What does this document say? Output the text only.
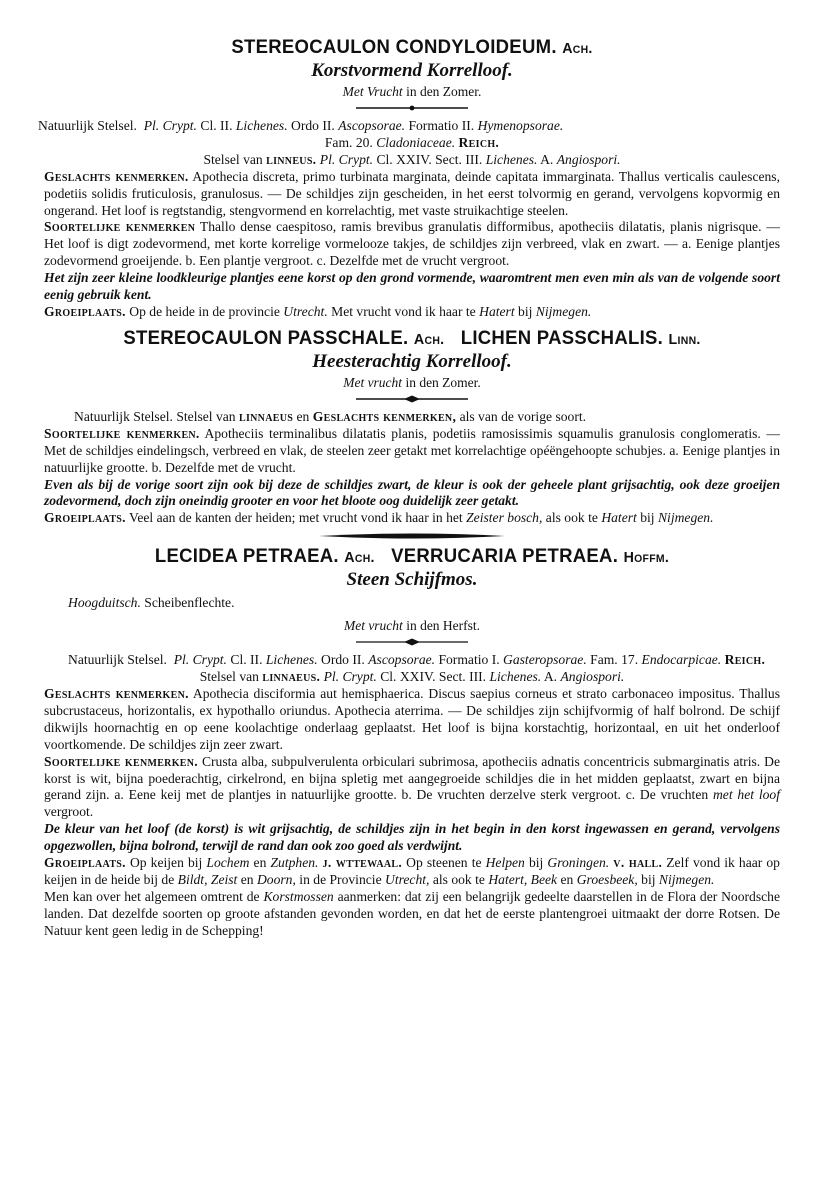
STEREOCAULON CONDYLOIDEUM. Ach.

Korstvormend Korrelloof.

Met Vrucht in den Zomer.

Natuurlijk Stelsel. Pl. Crypt. Cl. II. Lichenes. Ordo II. Ascopsorae. Formatio II. Hymenopsorae.

Fam. 20. Cladoniaceae. Reich.

Stelsel van linneus. Pl. Crypt. Cl. XXIV. Sect. III. Lichenes. A. Angiospori.

Geslachts kenmerken. Apothecia discreta, primo turbinata marginata, deinde capitata immarginata. Thallus verticalis caulescens, podetiis solidis fruticulosis, granulosus. — De schildjes zijn gescheiden, in het eerst tolvormig en gerand, vervolgens kopvormig en ongerand. Het loof is regtstandig, stengvormend en korrelachtig, met vaste struikachtige steelen.

Soortelijke kenmerken Thallo dense caespitoso, ramis brevibus granulatis difformibus, apotheciis dilatatis, planis nigrisque. — Het loof is digt zodevormend, met korte korrelige vormelooze takjes, de schildjes zijn verbreed, vlak en zwart. — a. Eenige plantjes zodevormend groeijende. b. Een plantje vergroot. c. Dezelfde met de vrucht vergroot.

Het zijn zeer kleine loodkleurige plantjes eene korst op den grond vormende, waaromtrent men even min als van de volgende soort eenig gebruik kent.

Groeiplaats. Op de heide in de provincie Utrecht. Met vrucht vond ik haar te Hatert bij Nijmegen.

STEREOCAULON PASSCHALE. Ach. LICHEN PASSCHALIS. Linn.

Heesterachtig Korrelloof.

Met vrucht in den Zomer.

Natuurlijk Stelsel. Stelsel van linnaeus en Geslachts kenmerken, als van de vorige soort.

Soortelijke kenmerken. Apotheciis terminalibus dilatatis planis, podetiis ramosissimis squamulis granulosis conglomeratis. — Met de schildjes eindelingsch, verbreed en vlak, de steelen zeer getakt met korrelachtige opéëngehoopte schubjes. a. Eenige plantjes in natuurlijke grootte. b. Dezelfde met de vrucht.

Even als bij de vorige soort zijn ook bij deze de schildjes zwart, de kleur is ook der geheele plant grijsachtig, ook deze groeijen zodevormend, doch zijn oneindig grooter en voor het bloote oog duidelijk zeer getakt.

Groeiplaats. Veel aan de kanten der heiden; met vrucht vond ik haar in het Zeister bosch, als ook te Hatert bij Nijmegen.

LECIDEA PETRAEA. Ach. VERRUCARIA PETRAEA. Hoffm.

Steen Schijfmos.

Hoogduitsch. Scheibenflechte.

Met vrucht in den Herfst.

Natuurlijk Stelsel. Pl. Crypt. Cl. II. Lichenes. Ordo II. Ascopsorae. Formatio I. Gasteropsorae. Fam. 17. Endocarpicae. Reich.

Stelsel van linnaeus. Pl. Crypt. Cl. XXIV. Sect. III. Lichenes. A. Angiospori.

Geslachts kenmerken. Apothecia disciformia aut hemisphaerica. Discus saepius corneus et strato carbonaceo impositus. Thallus subcrustaceus, horizontalis, ex hypothallo oriundus. Apothecia aterrima. — De schildjes zijn schijfvormig of half bolrond. De schijf dikwijls hoornachtig en op eene koolachtige onderlaag geplaatst. Het loof is bijna korstachtig, horizontaal, en uit het onderloof voortkomende. De schildjes zijn zeer zwart.

Soortelijke kenmerken. Crusta alba, subpulverulenta orbiculari subrimosa, apotheciis adnatis concentricis submarginatis atris. De korst is wit, bijna poederachtig, cirkelrond, en bijna spletig met aangegroeide schildjes die in het midden geplaatst, zwart en bijna gerand zijn. a. Eene keij met de plantjes in natuurlijke grootte. b. De vruchten derzelve sterk vergroot. c. De vruchten met het loof vergroot.

De kleur van het loof (de korst) is wit grijsachtig, de schildjes zijn in het begin in den korst ingewassen en gerand, vervolgens opgezwollen, bijna bolrond, terwijl de rand dan ook zoo goed als verdwijnt.

Groeiplaats. Op keijen bij Lochem en Zutphen. j. wttewaal. Op steenen te Helpen bij Groningen. v. hall. Zelf vond ik haar op keijen in de heide bij de Bildt, Zeist en Doorn, in de Provincie Utrecht, als ook te Hatert, Beek en Groesbeek, bij Nijmegen.

Men kan over het algemeen omtrent de Korstmossen aanmerken: dat zij een belangrijk gedeelte daarstellen in de Flora der Noordsche landen. Dat dezelfde soorten op groote afstanden gevonden worden, en dat het de eerste plantengroei uitmaakt der dorre Rotsen. De Natuur kent geen ledig in de Schepping!
